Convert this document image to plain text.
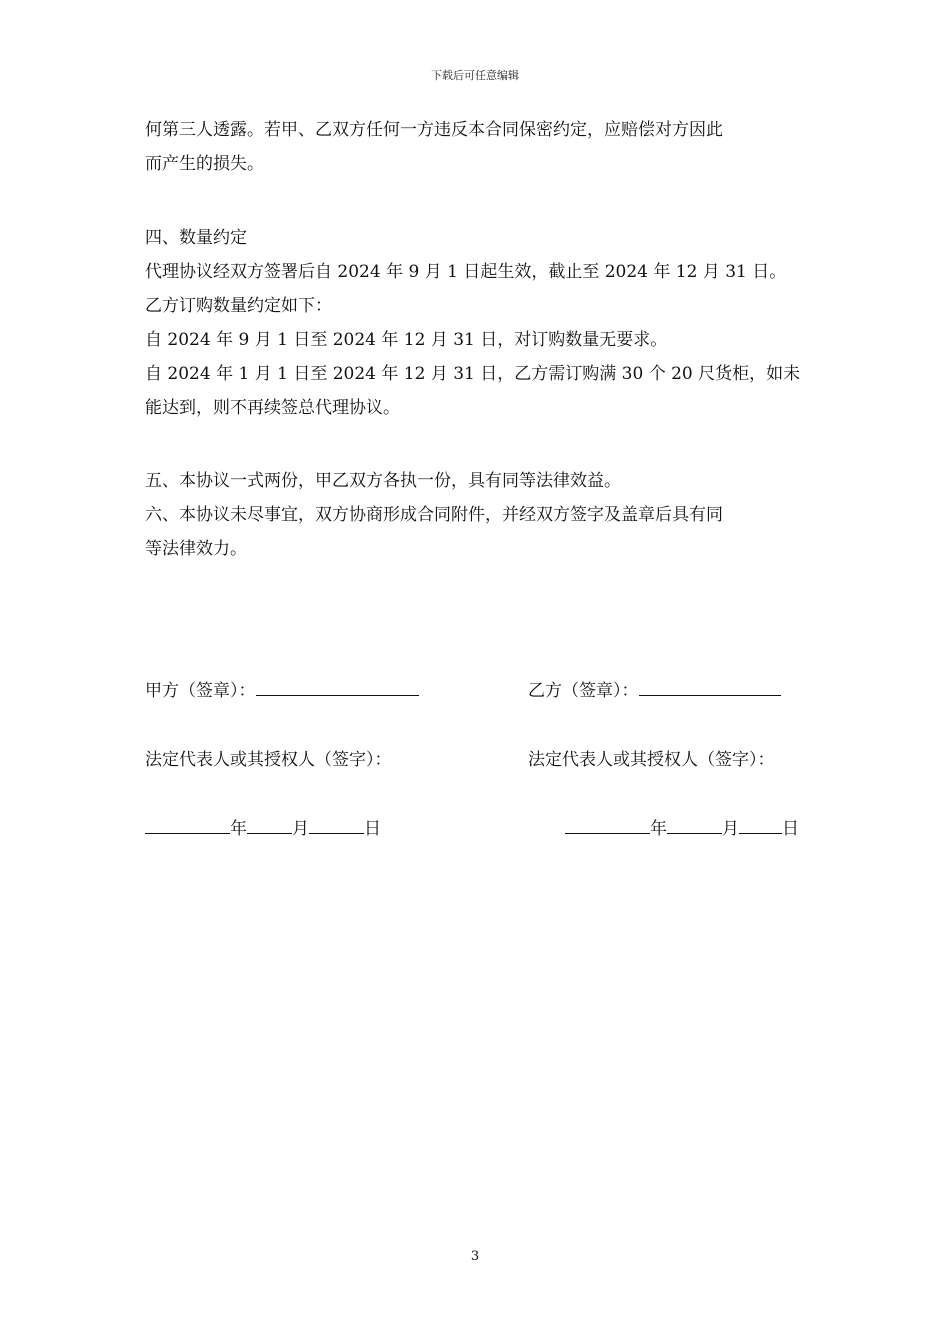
下载后可任意编辑

何第三人透露。若甲、乙双方任何一方违反本合同保密约定，应赔偿对方因此

而产生的损失。

四、数量约定

代理协议经双方签署后自 2024 年 9 月 1 日起生效，截止至 2024 年 12 月 31 日。

乙方订购数量约定如下：

自 2024 年 9 月 1 日至 2024 年 12 月 31 日，对订购数量无要求。

自 2024 年 1 月 1 日至 2024 年 12 月 31 日，乙方需订购满 30 个 20 尺货柜，如未

能达到，则不再续签总代理协议。

五、本协议一式两份，甲乙双方各执一份，具有同等法律效益。

六、本协议未尽事宜，双方协商形成合同附件，并经双方签字及盖章后具有同

等法律效力。

甲方（签章）：	乙方（签章）：
法定代表人或其授权人（签字）：	法定代表人或其授权人（签字）：
年	月	日	年	月	日
3
